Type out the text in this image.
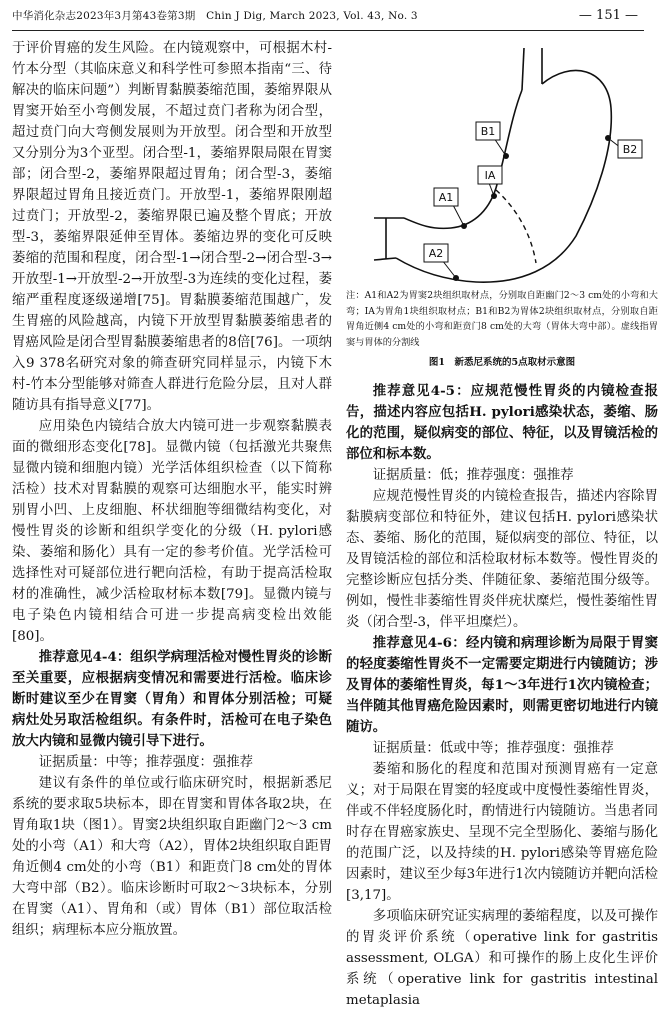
中华消化杂志2023年3月第43卷第3期　Chin J Dig, March 2023, Vol. 43, No. 3	— 151 —

于评价胃癌的发生风险。在内镜观察中，可根据木村-竹本分型（其临床意义和科学性可参照本指南“三、待解决的临床问题”）判断胃黏膜萎缩范围，萎缩界限从胃窦开始至小弯侧发展，不超过贲门者称为闭合型，超过贲门向大弯侧发展则为开放型。闭合型和开放型又分别分为3个亚型。闭合型-1，萎缩界限局限在胃窦部；闭合型-2，萎缩界限超过胃角；闭合型-3，萎缩界限超过胃角且接近贲门。开放型-1，萎缩界限刚超过贲门；开放型-2，萎缩界限已遍及整个胃底；开放型-3，萎缩界限延伸至胃体。萎缩边界的变化可反映萎缩的范围和程度，闭合型-1→闭合型-2→闭合型-3→开放型-1→开放型-2→开放型-3为连续的变化过程，萎缩严重程度逐级递增[75]。胃黏膜萎缩范围越广，发生胃癌的风险越高，内镜下开放型胃黏膜萎缩患者的胃癌风险是闭合型胃黏膜萎缩患者的8倍[76]。一项纳入9 378名研究对象的筛查研究同样显示，内镜下木村-竹本分型能够对筛查人群进行危险分层，且对人群随访具有指导意义[77]。

应用染色内镜结合放大内镜可进一步观察黏膜表面的微细形态变化[78]。显微内镜（包括激光共聚焦显微内镜和细胞内镜）光学活体组织检查（以下简称活检）技术对胃黏膜的观察可达细胞水平，能实时辨别胃小凹、上皮细胞、杯状细胞等细微结构变化，对慢性胃炎的诊断和组织学变化的分级（H. pylori感染、萎缩和肠化）具有一定的参考价值。光学活检可选择性对可疑部位进行靶向活检，有助于提高活检取材的准确性，减少活检取材标本数[79]。显微内镜与电子染色内镜相结合可进一步提高病变检出效能[80]。

推荐意见4-4：组织学病理活检对慢性胃炎的诊断至关重要，应根据病变情况和需要进行活检。临床诊断时建议至少在胃窦（胃角）和胃体分别活检；可疑病灶处另取活检组织。有条件时，活检可在电子染色放大内镜和显微内镜引导下进行。

证据质量：中等；推荐强度：强推荐

建议有条件的单位或行临床研究时，根据新悉尼系统的要求取5块标本，即在胃窦和胃体各取2块，在胃角取1块（图1）。胃窦2块组织取自距幽门2～3 cm处的小弯（A1）和大弯（A2），胃体2块组织取自距胃角近侧4 cm处的小弯（B1）和距贲门8 cm处的胃体大弯中部（B2）。临床诊断时可取2～3块标本，分别在胃窦（A1）、胃角和（或）胃体（B1）部位取活检组织；病理标本应分瓶放置。

B1
B2
A1
IA
A2
注：A1和A2为胃窦2块组织取材点，分别取自距幽门2～3 cm处的小弯和大弯；IA为胃角1块组织取材点；B1和B2为胃体2块组织取材点，分别取自距胃角近侧4 cm处的小弯和距贲门8 cm处的大弯（胃体大弯中部）。虚线指胃窦与胃体的分割线
图1　新悉尼系统的5点取材示意图

推荐意见4-5：应规范慢性胃炎的内镜检查报告，描述内容应包括H. pylori感染状态，萎缩、肠化的范围，疑似病变的部位、特征，以及胃镜活检的部位和标本数。

证据质量：低；推荐强度：强推荐

应规范慢性胃炎的内镜检查报告，描述内容除胃黏膜病变部位和特征外，建议包括H. pylori感染状态、萎缩、肠化的范围，疑似病变的部位、特征，以及胃镜活检的部位和活检取材标本数等。慢性胃炎的完整诊断应包括分类、伴随征象、萎缩范围分级等。例如，慢性非萎缩性胃炎伴疣状糜烂，慢性萎缩性胃炎（闭合型-3，伴平坦糜烂）。

推荐意见4-6：经内镜和病理诊断为局限于胃窦的轻度萎缩性胃炎不一定需要定期进行内镜随访；涉及胃体的萎缩性胃炎，每1～3年进行1次内镜检查；当伴随其他胃癌危险因素时，则需更密切地进行内镜随访。

证据质量：低或中等；推荐强度：强推荐

萎缩和肠化的程度和范围对预测胃癌有一定意义；对于局限在胃窦的轻度或中度慢性萎缩性胃炎，伴或不伴轻度肠化时，酌情进行内镜随访。当患者同时存在胃癌家族史、呈现不完全型肠化、萎缩与肠化的范围广泛，以及持续的H. pylori感染等胃癌危险因素时，建议至少每3年进行1次内镜随访并靶向活检[3,17]。

多项临床研究证实病理的萎缩程度，以及可操作的胃炎评价系统（operative link for gastritis assessment, OLGA）和可操作的肠上皮化生评价系统（operative link for gastritis intestinal metaplasia
